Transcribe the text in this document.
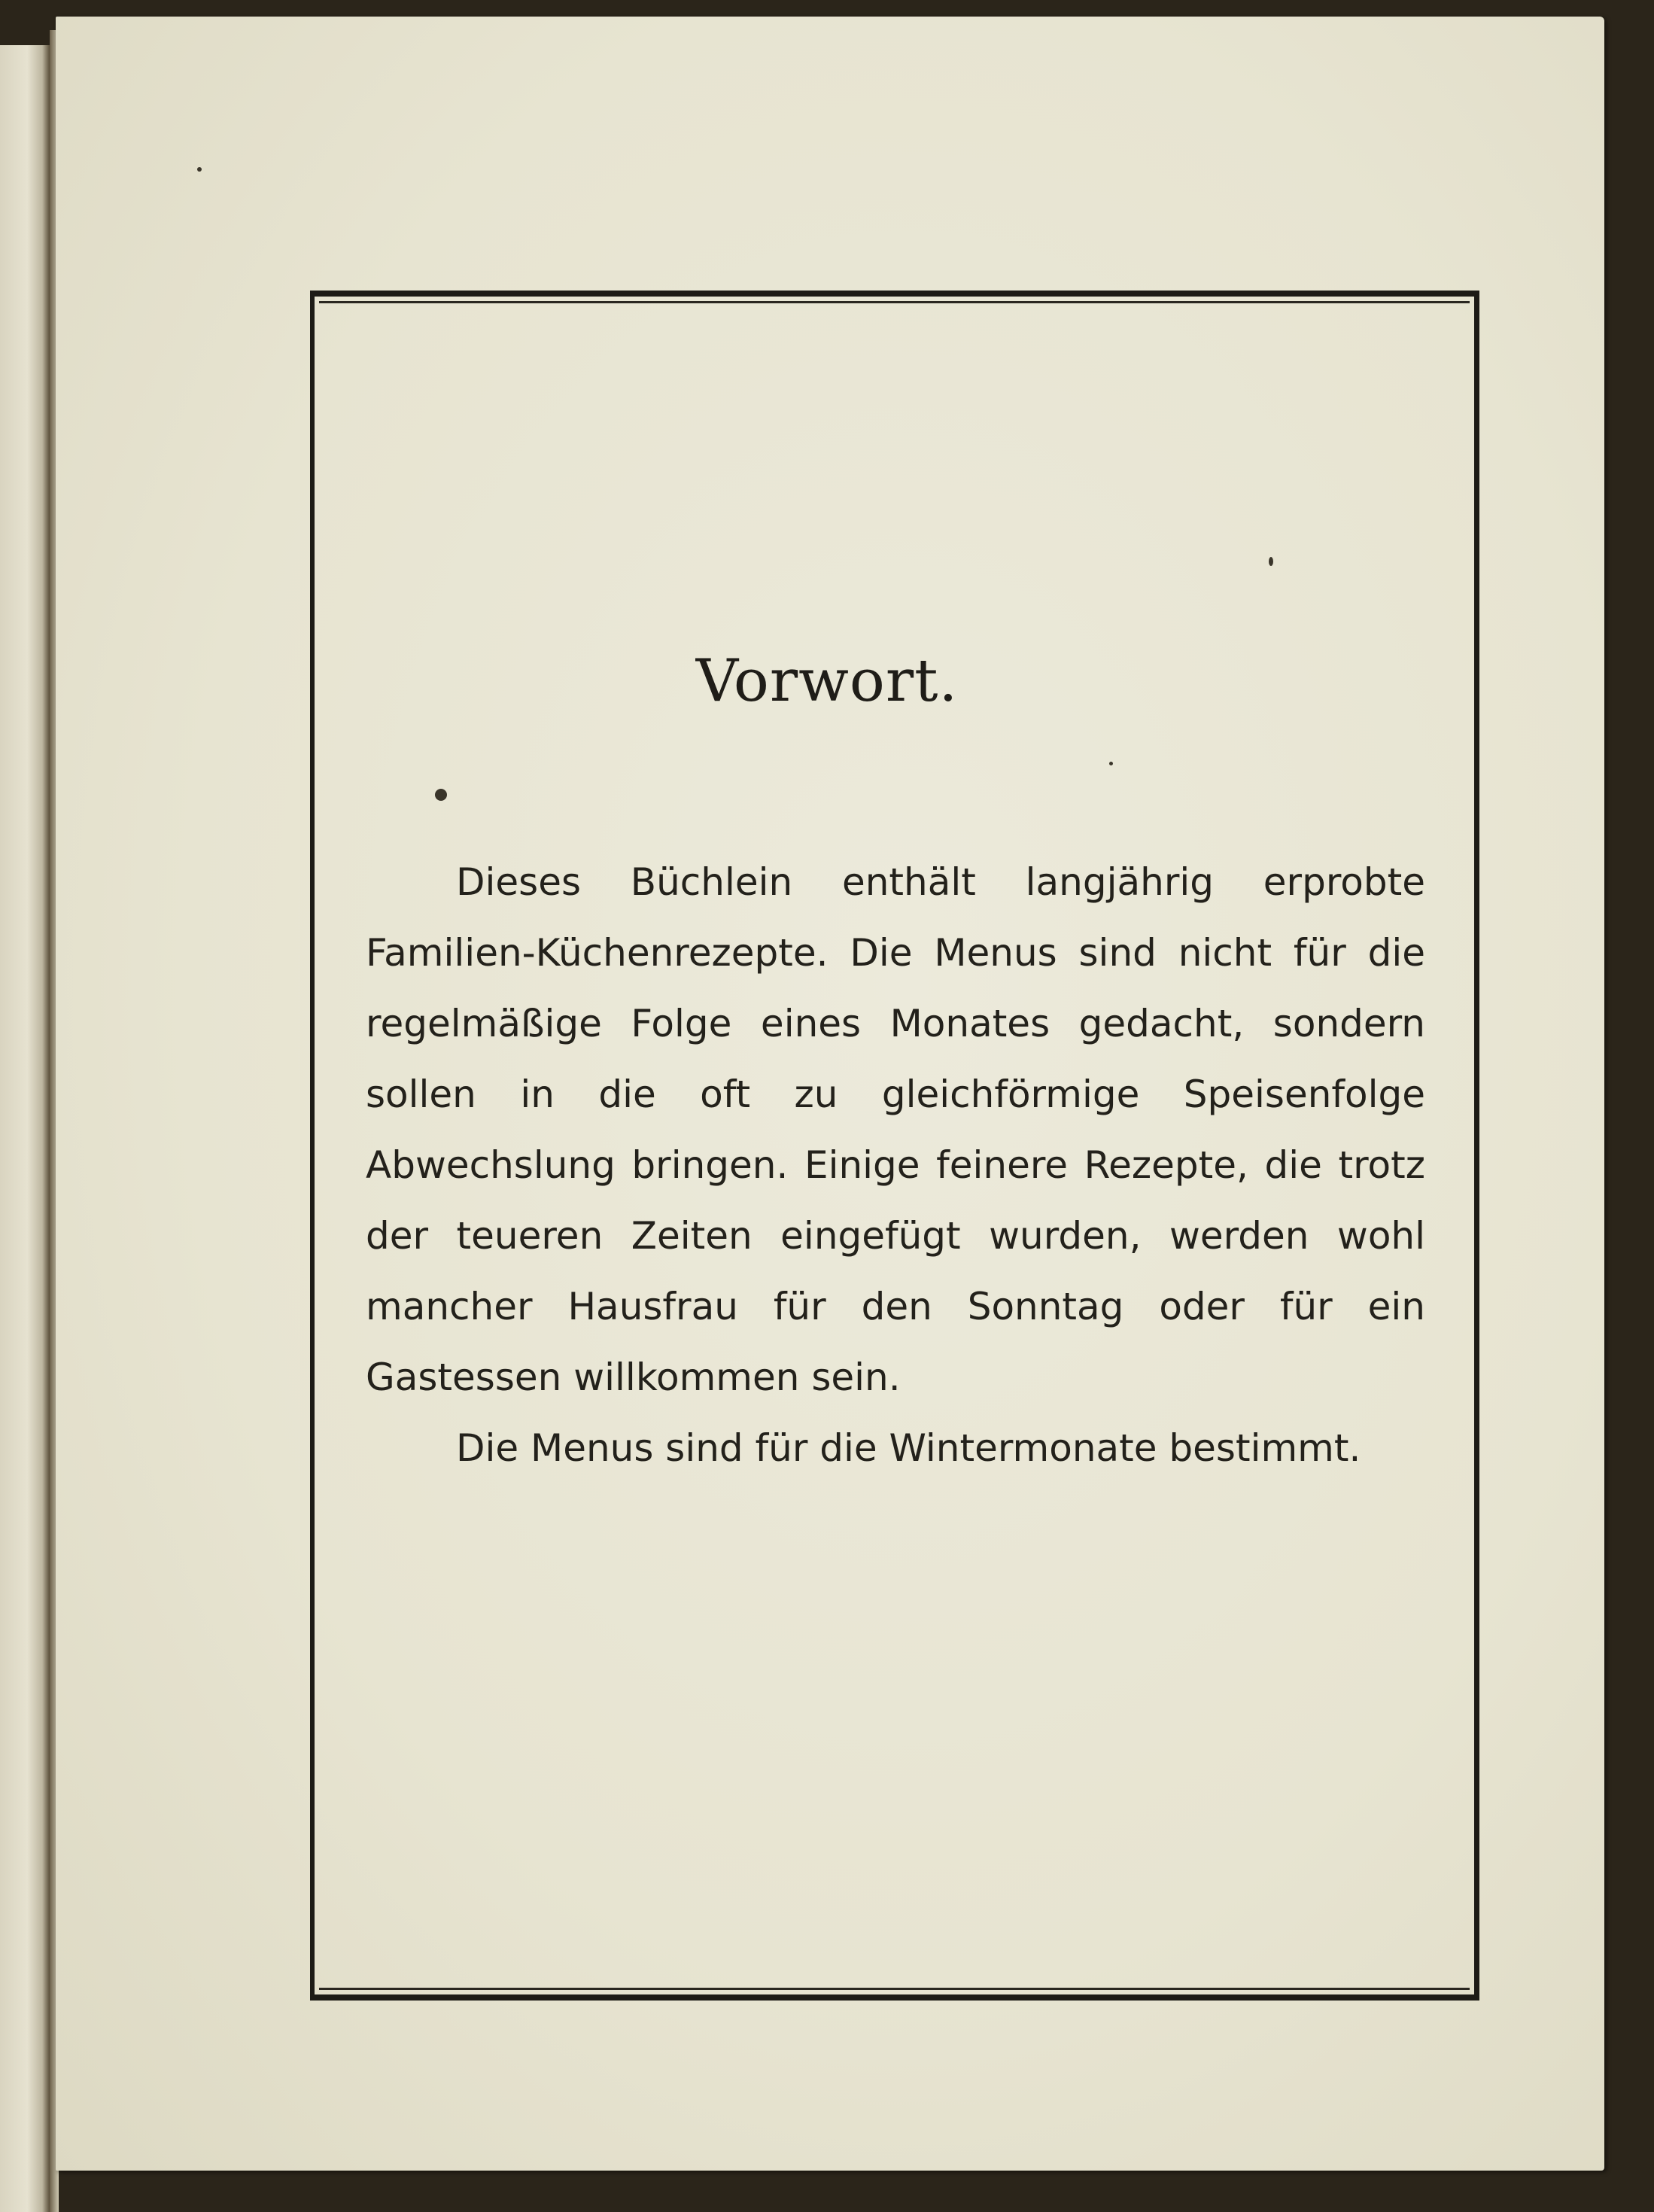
Vorwort.

Dieses Büchlein enthält langjährig erprobte Familien-Küchenrezepte. Die Menus sind nicht für die regelmäßige Folge eines Monates gedacht, sondern sollen in die oft zu gleichförmige Speisenfolge Abwechslung bringen. Einige feinere Rezepte, die trotz der teueren Zeiten eingefügt wurden, werden wohl mancher Hausfrau für den Sonntag oder für ein Gastessen willkommen sein.

Die Menus sind für die Wintermonate bestimmt.
